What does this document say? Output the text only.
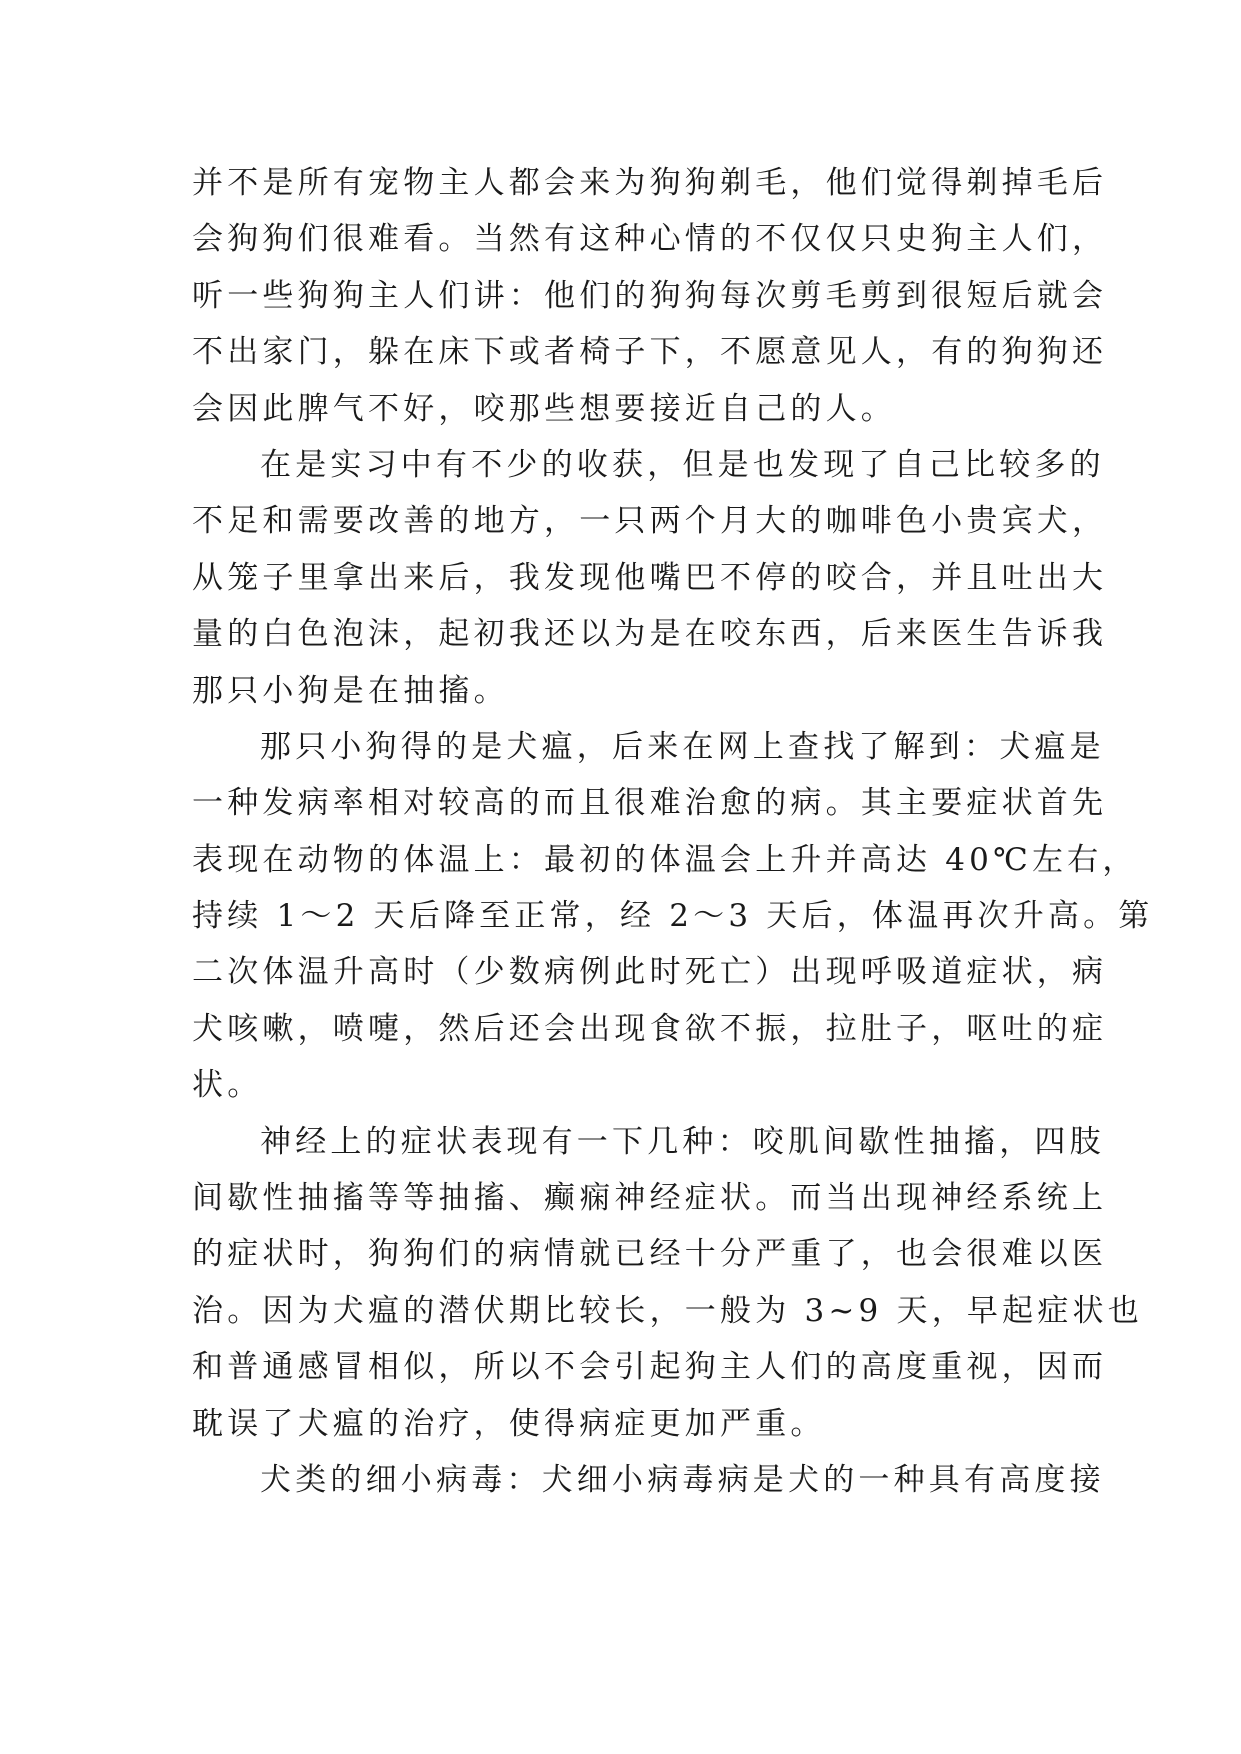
并不是所有宠物主人都会来为狗狗剃毛，他们觉得剃掉毛后
会狗狗们很难看。当然有这种心情的不仅仅只史狗主人们，
听一些狗狗主人们讲：他们的狗狗每次剪毛剪到很短后就会
不出家门，躲在床下或者椅子下，不愿意见人，有的狗狗还
会因此脾气不好，咬那些想要接近自己的人。
在是实习中有不少的收获，但是也发现了自己比较多的
不足和需要改善的地方，一只两个月大的咖啡色小贵宾犬，
从笼子里拿出来后，我发现他嘴巴不停的咬合，并且吐出大
量的白色泡沫，起初我还以为是在咬东西，后来医生告诉我
那只小狗是在抽搐。
那只小狗得的是犬瘟，后来在网上查找了解到：犬瘟是
一种发病率相对较高的而且很难治愈的病。其主要症状首先
表现在动物的体温上：最初的体温会上升并高达 40℃左右，
持续 1～2 天后降至正常，经 2～3 天后，体温再次升高。第
二次体温升高时（少数病例此时死亡）出现呼吸道症状，病
犬咳嗽，喷嚏，然后还会出现食欲不振，拉肚子，呕吐的症
状。
神经上的症状表现有一下几种：咬肌间歇性抽搐，四肢
间歇性抽搐等等抽搐、癫痫神经症状。而当出现神经系统上
的症状时，狗狗们的病情就已经十分严重了，也会很难以医
治。因为犬瘟的潜伏期比较长，一般为 3~9 天，早起症状也
和普通感冒相似，所以不会引起狗主人们的高度重视，因而
耽误了犬瘟的治疗，使得病症更加严重。
犬类的细小病毒：犬细小病毒病是犬的一种具有高度接
